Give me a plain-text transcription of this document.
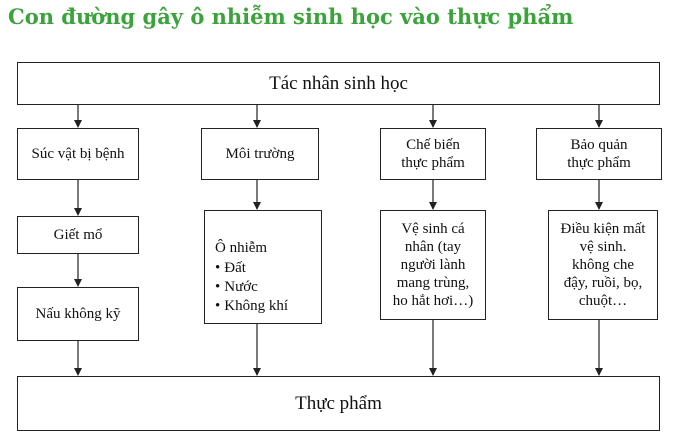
Con đường gây ô nhiễm sinh học vào thực phẩm
Tác nhân sinh học
Súc vật bị bệnh	Môi trường
Chế biến
thực phẩm
Bảo quản
thực phẩm
Giết mổ
Ô nhiễm
• Đất
• Nước
• Không khí
Vệ sinh cá
nhân (tay
người lành
mang trùng,
ho hắt hơi…)
Điều kiện mất
vệ sinh.
không che
đậy, ruồi, bọ,
chuột…
Nấu không kỹ
Thực phẩm
